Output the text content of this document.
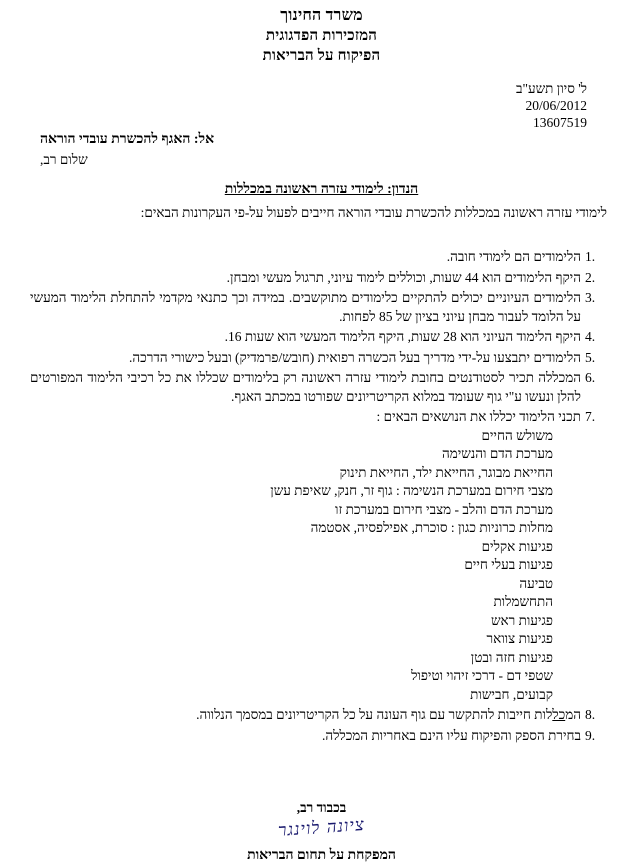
משרד החינוך
המזכירות הפדגוגית
הפיקוח על הבריאות
ל' סיון תשע"ב
20/06/2012
13607519
אל: האגף להכשרת עובדי הוראה
שלום רב,
הנדון: לימודי עזרה ראשונה במכללות
לימודי עזרה ראשונה במכללות להכשרת עובדי הוראה חייבים לפעול על-פי העקרונות הבאים:
1.
הלימודים הם לימודי חובה.
2.
היקף הלימודים הוא 44 שעות, וכוללים לימוד עיוני, תרגול מעשי ומבחן.
3.
הלימודים העיוניים יכולים להתקיים כלימודים מתוקשבים. במידה וכך כתנאי מקדמי להתחלת הלימוד המעשי על הלומד לעבור מבחן עיוני בציון של 85 לפחות.
4.
היקף הלימוד העיוני הוא 28 שעות, היקף הלימוד המעשי הוא שעות 16.
5.
הלימודים יתבצעו על-ידי מדריך בעל הכשרה רפואית (חובש/פרמדיק) ובעל כישורי הדרכה.
6.
המכללה תכיר לסטודנטים בחובת לימודי עזרה ראשונה רק בלימודים שכללו את כל רכיבי הלימוד המפורטים להלן ונעשו ע"י גוף שעומד במלוא הקריטריונים שפורטו במכתב האגף.
7.
תכני הלימוד יכללו את הנושאים הבאים :
משולש החיים
מערכת הדם והנשימה
החייאת מבוגר, החייאת ילד, החייאת תינוק
מצבי חירום במערכת הנשימה : גוף זר, חנק, שאיפת עשן
מערכת הדם והלב - מצבי חירום במערכת זו
מחלות כרוניות כגון : סוכרת, אפילפסיה, אסטמה
פגיעות אקלים
פגיעות בעלי חיים
טביעה
התחשמלות
פגיעות ראש
פגיעות צוואר
פגיעות חזה ובטן
שטפי דם - דרכי זיהוי וטיפול
קבועים, חבישות
8.
המכללות חייבות להתקשר עם גוף העונה על כל הקריטריונים במסמך הנלווה.
9.
בחירת הספק והפיקוח עליו הינם באחריות המכללה.
בכבוד רב,
ציונה לוינגר
המפקחת על תחום הבריאות
